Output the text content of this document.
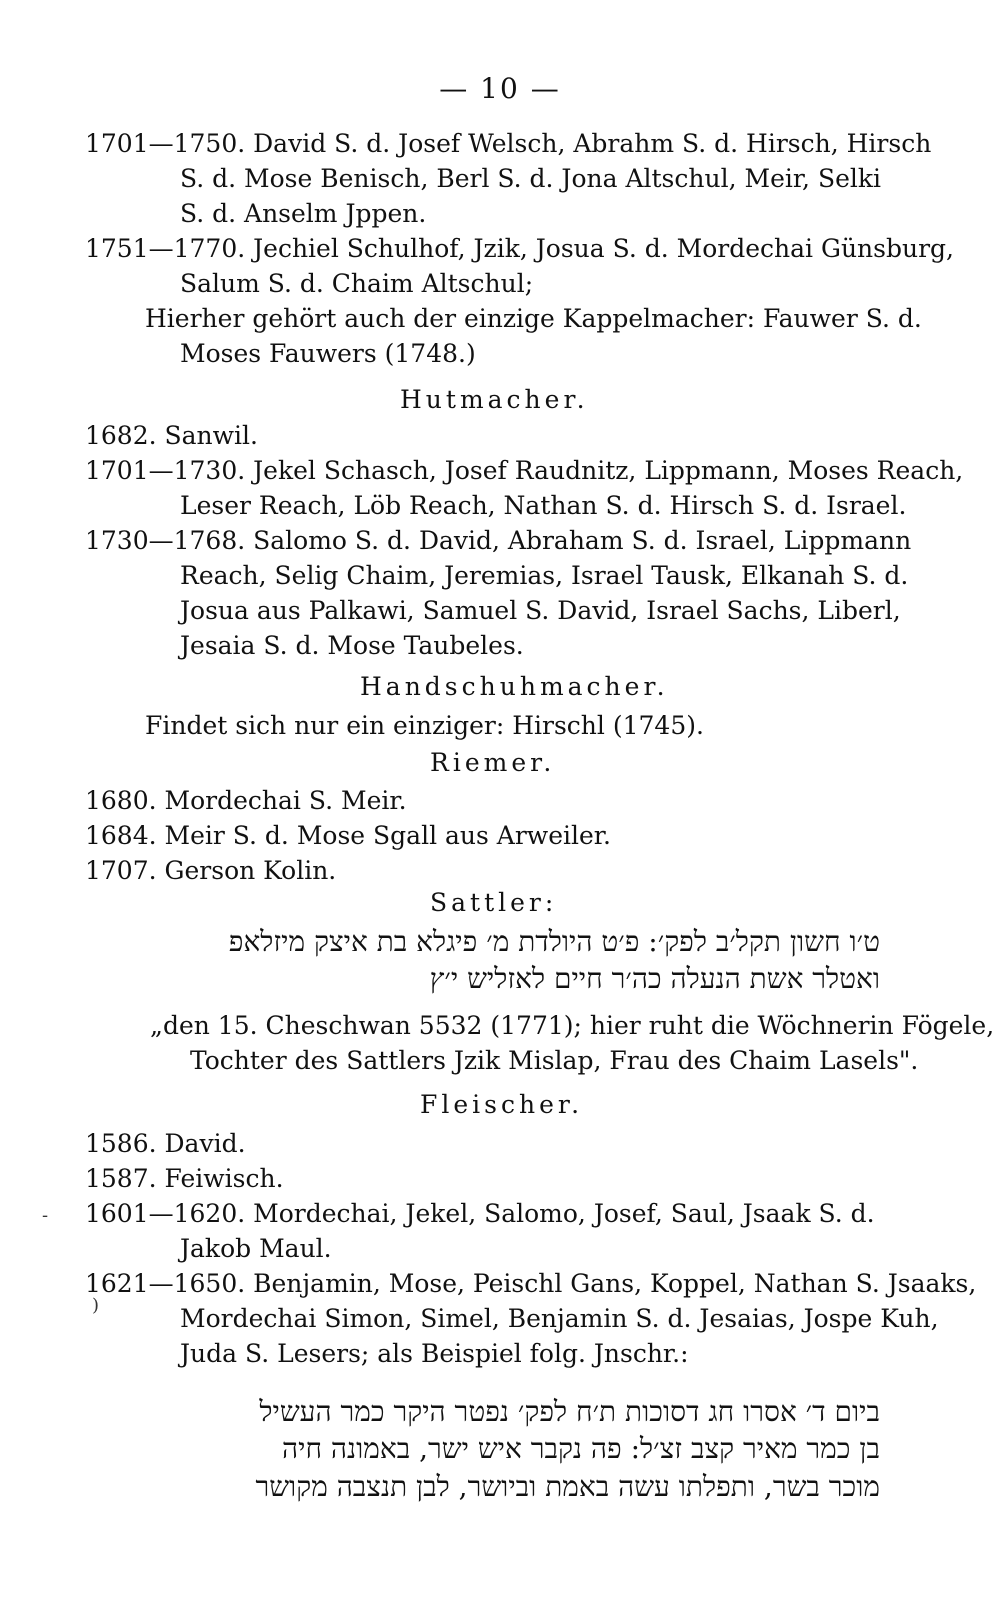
— 10 —
1701—1750. David S. d. Josef Welsch, Abrahm S. d. Hirsch, Hirsch
S. d. Mose Benisch, Berl S. d. Jona Altschul, Meir, Selki
S. d. Anselm Jppen.
1751—1770. Jechiel Schulhof, Jzik, Josua S. d. Mordechai Günsburg,
Salum S. d. Chaim Altschul;
Hierher gehört auch der einzige Kappelmacher: Fauwer S. d.
Moses Fauwers (1748.)
1682. Sanwil.
1701—1730. Jekel Schasch, Josef Raudnitz, Lippmann, Moses Reach,
Leser Reach, Löb Reach, Nathan S. d. Hirsch S. d. Israel.
1730—1768. Salomo S. d. David, Abraham S. d. Israel, Lippmann
Reach, Selig Chaim, Jeremias, Israel Tausk, Elkanah S. d.
Josua aus Palkawi, Samuel S. David, Israel Sachs, Liberl,
Jesaia S. d. Mose Taubeles.
Findet sich nur ein einziger: Hirschl (1745).
1680. Mordechai S. Meir.
1684. Meir S. d. Mose Sgall aus Arweiler.
1707. Gerson Kolin.
„den 15. Cheschwan 5532 (1771); hier ruht die Wöchnerin Fögele,
Tochter des Sattlers Jzik Mislap, Frau des Chaim Lasels".
1586. David.
1587. Feiwisch.
1601—1620. Mordechai, Jekel, Salomo, Josef, Saul, Jsaak S. d.
Jakob Maul.
1621—1650. Benjamin, Mose, Peischl Gans, Koppel, Nathan S. Jsaaks,
Mordechai Simon, Simel, Benjamin S. d. Jesaias, Jospe Kuh,
Juda S. Lesers; als Beispiel folg. Jnschr.:
Hutmacher.
Handschuhmacher.
Riemer.
Sattler:
Fleischer.
ט׳ו חשון תקל׳ב לפק׳: פ׳ט היולדת מ׳ פיגלא בת איצק מיזלאפ
ואטלר אשת הנעלה כה׳ר חיים לאזליש י׳ץ
ביום ד׳ אסרו חג דסוכות ת׳ח לפק׳ נפטר היקר כמר העשיל
בן כמר מאיר קצב זצ׳ל: פה נקבר איש ישר, באמונה חיה
מוכר בשר, ותפלתו עשה באמת וביושר, לבן תנצבה מקושר
-
)
